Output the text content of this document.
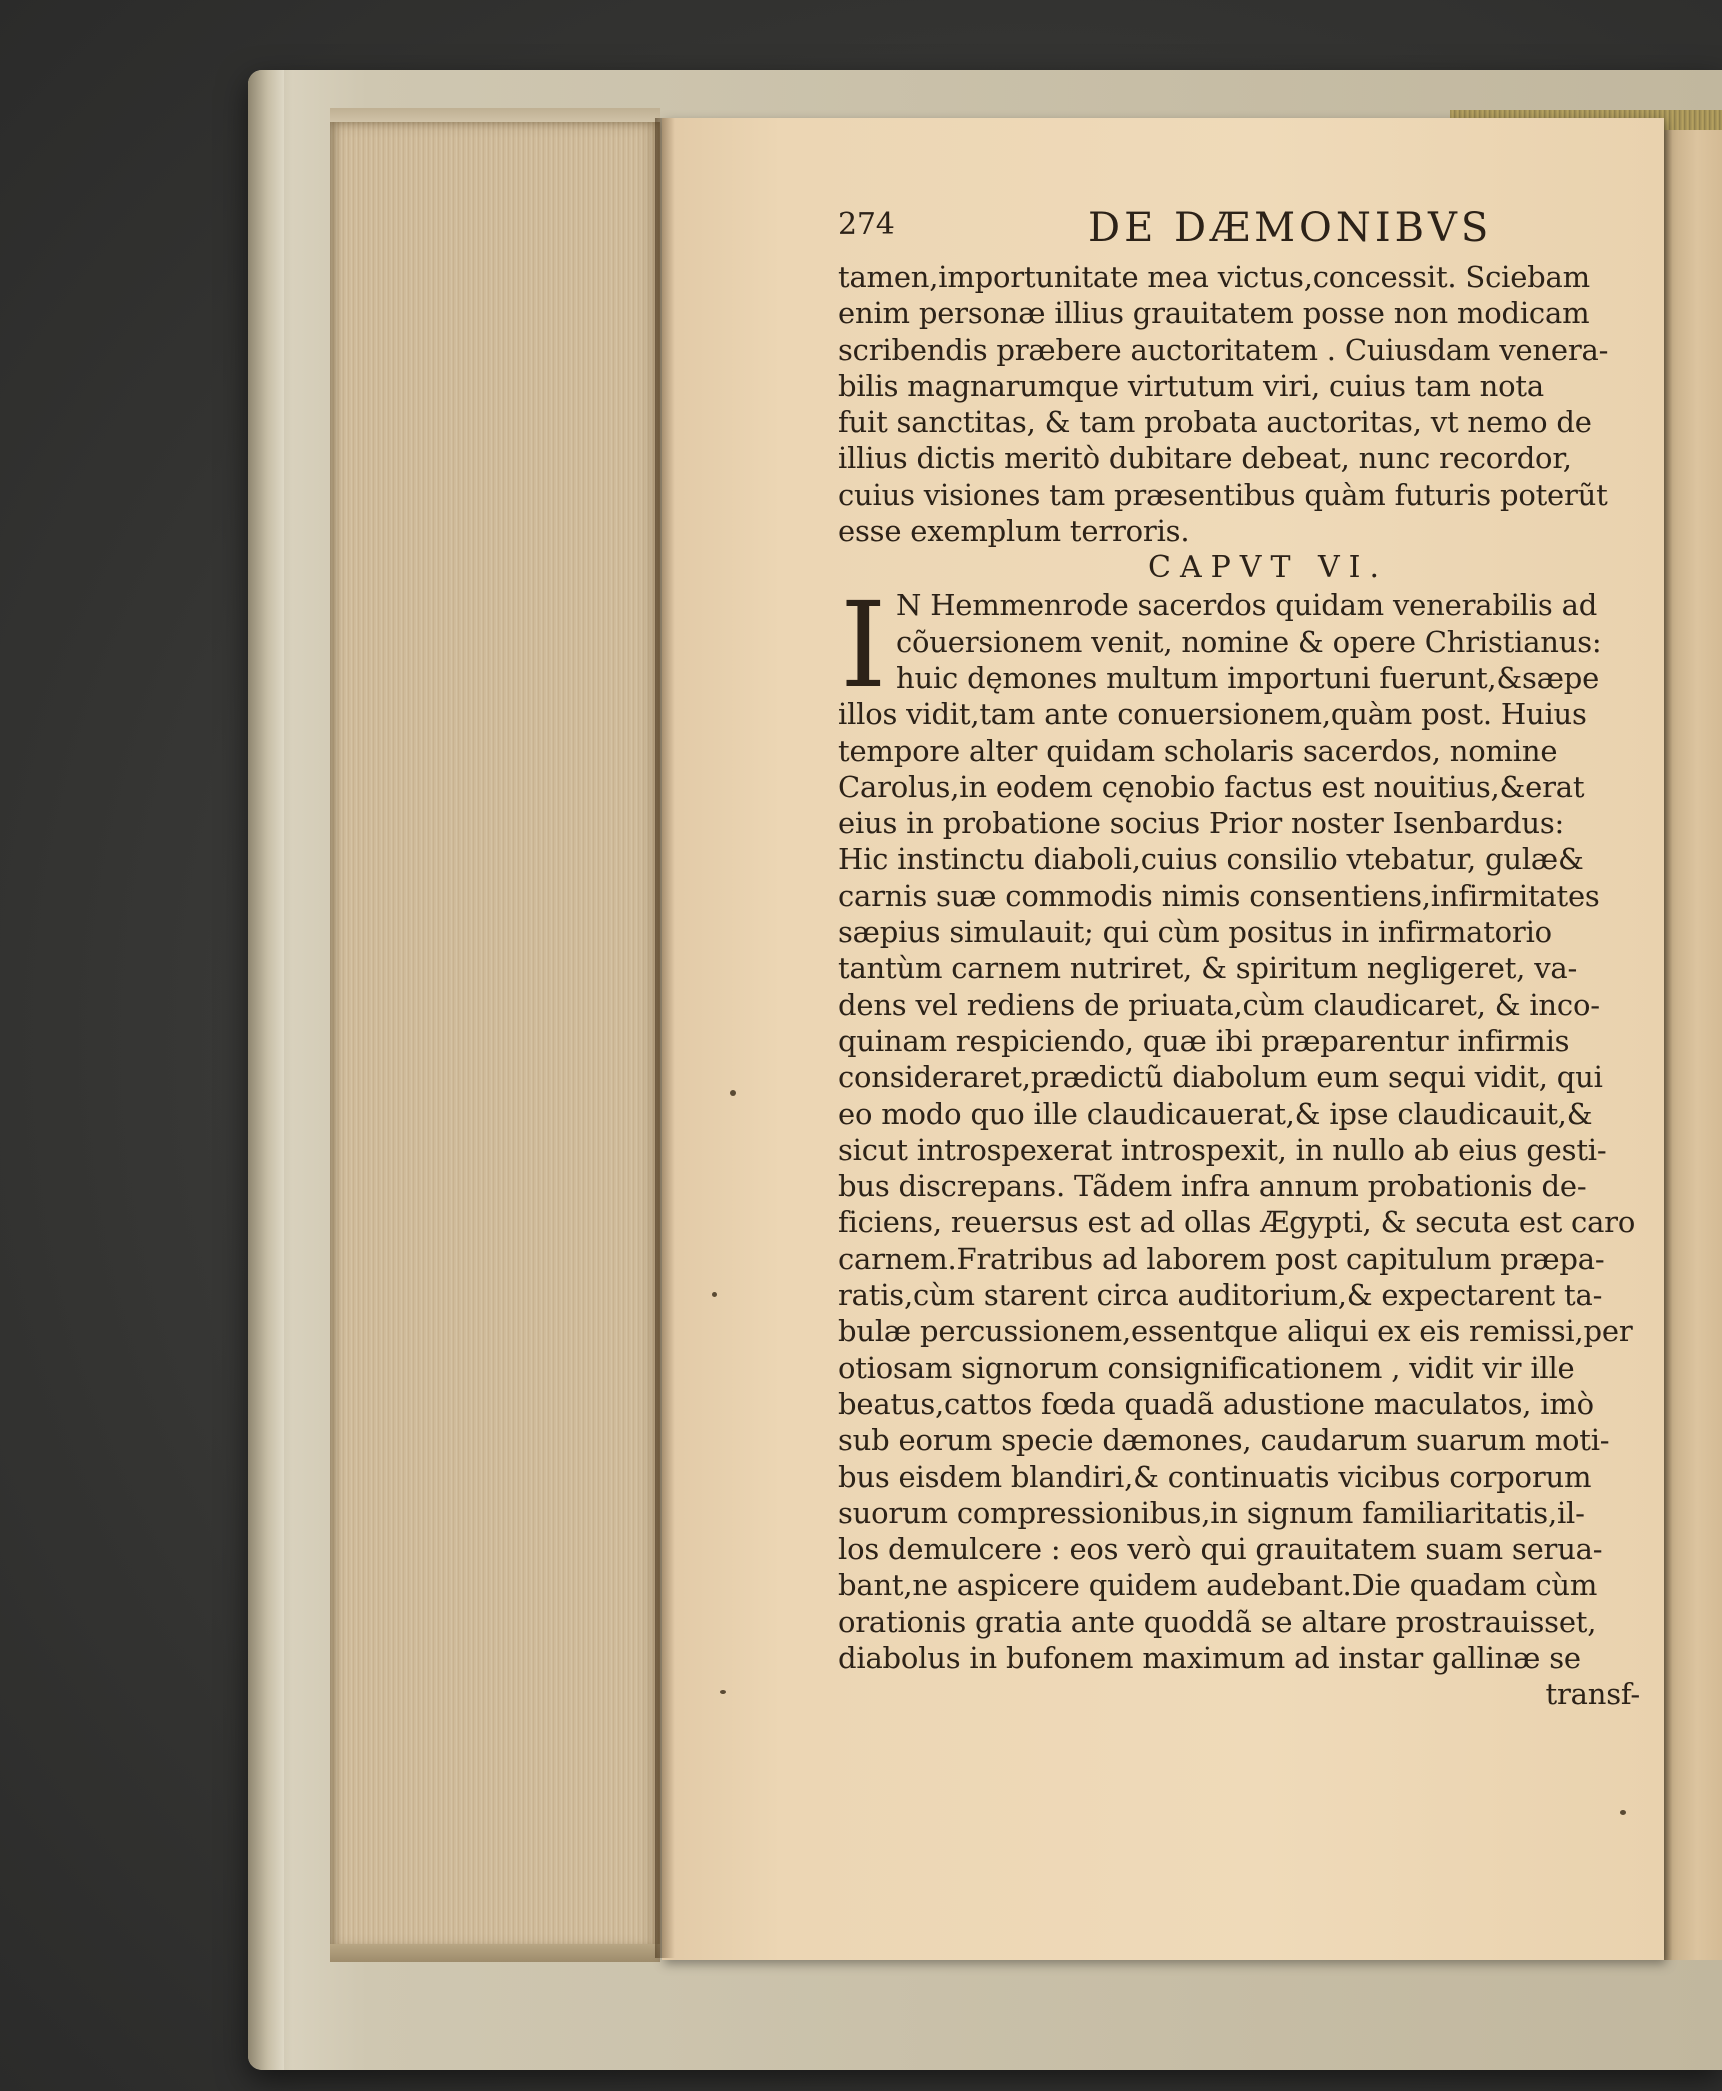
274	DE DÆMONIBVS
tamen,importunitate mea victus,concessit. Sciebam
enim personæ illius grauitatem posse non modicam
scribendis præbere auctoritatem . Cuiusdam venera-
bilis magnarumque virtutum viri, cuius tam nota
fuit sanctitas, & tam probata auctoritas, vt nemo de
illius dictis meritò dubitare debeat, nunc recordor,
cuius visiones tam præsentibus quàm futuris poterũt
esse exemplum terroris.
CAPVT VI.
I N Hemmenrode sacerdos quidam venerabilis ad
cõuersionem venit, nomine & opere Christianus:
huic dęmones multum importuni fuerunt,&sæpe
illos vidit,tam ante conuersionem,quàm post. Huius
tempore alter quidam scholaris sacerdos, nomine
Carolus,in eodem cęnobio factus est nouitius,&erat
eius in probatione socius Prior noster Isenbardus:
Hic instinctu diaboli,cuius consilio vtebatur, gulæ&
carnis suæ commodis nimis consentiens,infirmitates
sæpius simulauit; qui cùm positus in infirmatorio
tantùm carnem nutriret, & spiritum negligeret, va-
dens vel rediens de priuata,cùm claudicaret, & inco-
quinam respiciendo, quæ ibi præparentur infirmis
consideraret,prædictũ diabolum eum sequi vidit, qui
eo modo quo ille claudicauerat,& ipse claudicauit,&
sicut introspexerat introspexit, in nullo ab eius gesti-
bus discrepans. Tãdem infra annum probationis de-
ficiens, reuersus est ad ollas Ægypti, & secuta est caro
carnem.Fratribus ad laborem post capitulum præpa-
ratis,cùm starent circa auditorium,& expectarent ta-
bulæ percussionem,essentque aliqui ex eis remissi,per
otiosam signorum consignificationem , vidit vir ille
beatus,cattos fœda quadã adustione maculatos, imò
sub eorum specie dæmones, caudarum suarum moti-
bus eisdem blandiri,& continuatis vicibus corporum
suorum compressionibus,in signum familiaritatis,il-
los demulcere : eos verò qui grauitatem suam serua-
bant,ne aspicere quidem audebant.Die quadam cùm
orationis gratia ante quoddã se altare prostrauisset,
diabolus in bufonem maximum ad instar gallinæ se
transf-
